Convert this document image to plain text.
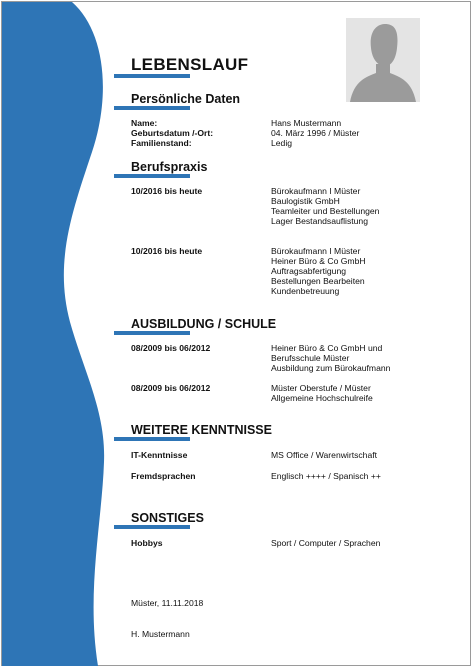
LEBENSLAUF
Persönliche Daten
Name:	Hans Mustermann
Geburtsdatum /-Ort:	04. März 1996 / Müster
Familienstand:	Ledig
Berufspraxis
10/2016 bis heute	Bürokaufmann I Müster
Baulogistik GmbH
Teamleiter und Bestellungen
Lager Bestandsauflistung
10/2016 bis heute	Bürokaufmann I Müster
Heiner Büro & Co GmbH
Auftragsabfertigung
Bestellungen Bearbeiten
Kundenbetreuung
AUSBILDUNG / SCHULE
08/2009 bis 06/2012	Heiner Büro & Co GmbH und
Berufsschule Müster
Ausbildung zum Bürokaufmann
08/2009 bis 06/2012	Müster Oberstufe / Müster
Allgemeine Hochschulreife
WEITERE KENNTNISSE
IT-Kenntnisse	MS Office / Warenwirtschaft
Fremdsprachen	Englisch ++++ / Spanisch ++
SONSTIGES
Hobbys	Sport / Computer / Sprachen
Müster, 11.11.2018
H. Mustermann
